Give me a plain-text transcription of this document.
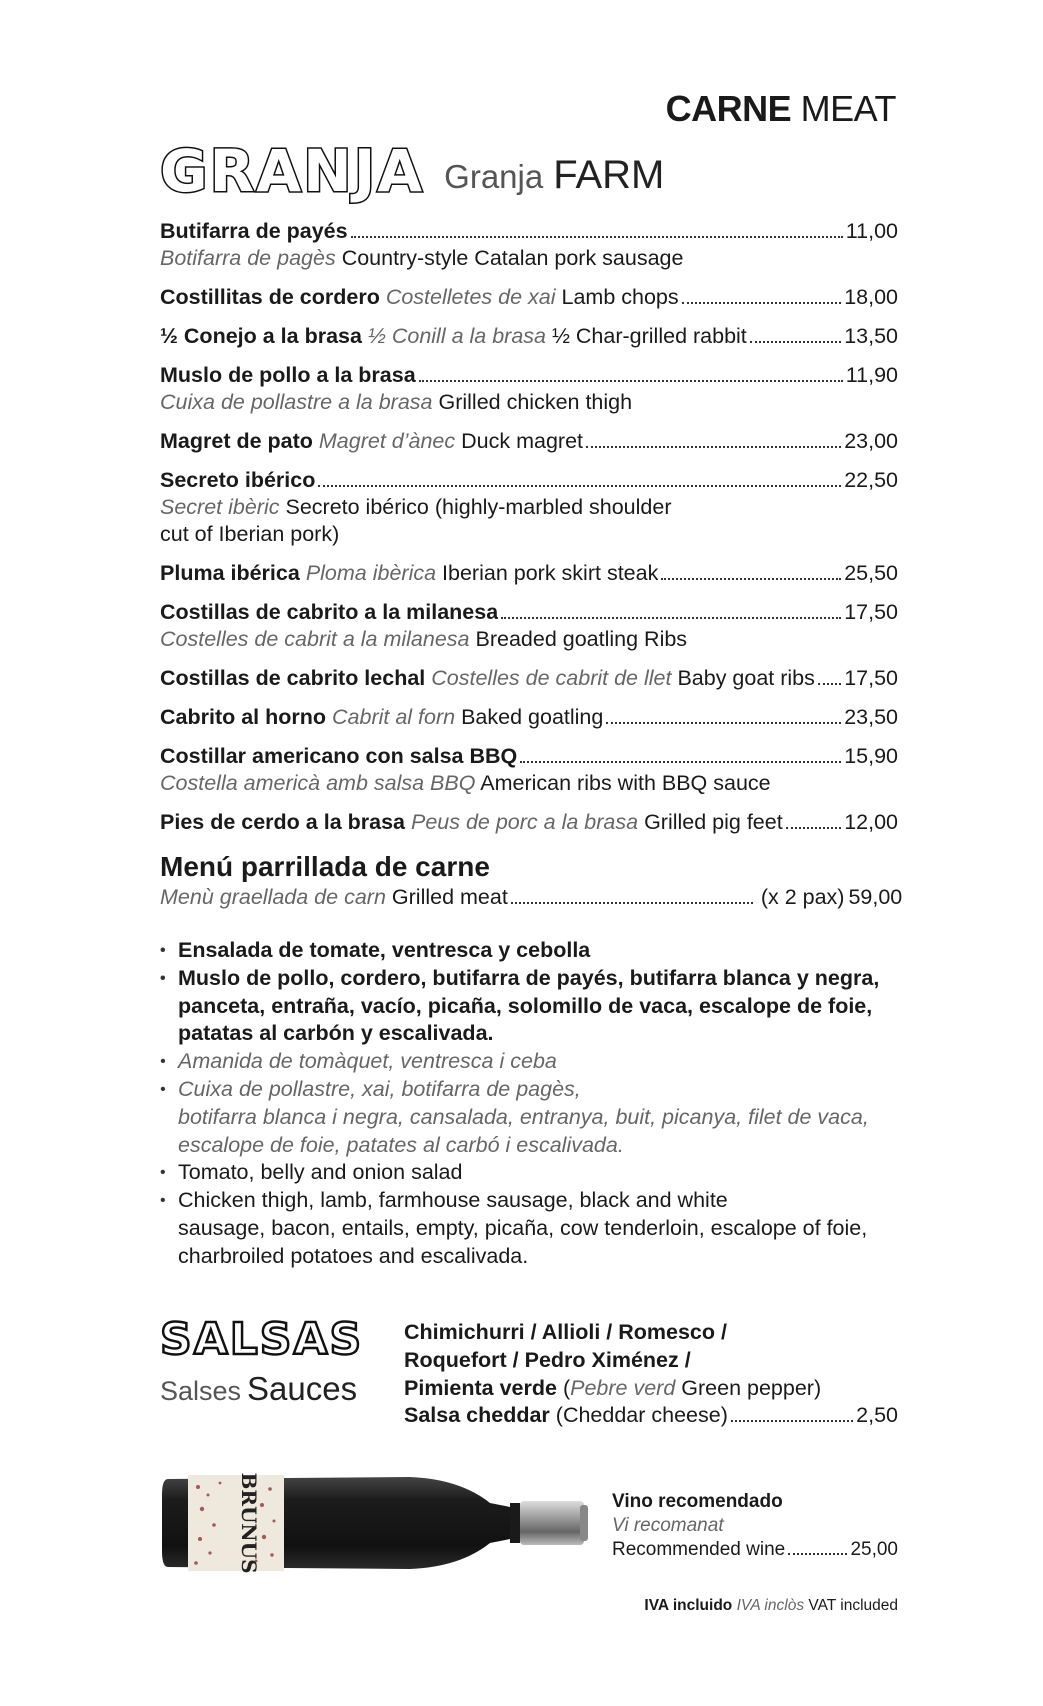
CARNE MEAT
GRANJA Granja FARM
Butifarra de payés	11,00
Botifarra de pagès Country-style Catalan pork sausage
Costillitas de cordero Costelletes de xai Lamb chops	18,00
½ Conejo a la brasa ½ Conill a la brasa ½ Char-grilled rabbit	13,50
Muslo de pollo a la brasa	11,90
Cuixa de pollastre a la brasa Grilled chicken thigh
Magret de pato Magret d’ànec Duck magret	23,00
Secreto ibérico	22,50
Secret ibèric Secreto ibérico (highly-marbled shoulder
cut of Iberian pork)
Pluma ibérica Ploma ibèrica Iberian pork skirt steak	25,50
Costillas de cabrito a la milanesa	17,50
Costelles de cabrit a la milanesa Breaded goatling Ribs
Costillas de cabrito lechal Costelles de cabrit de llet Baby goat ribs 17,50
Cabrito al horno Cabrit al forn Baked goatling	23,50
Costillar americano con salsa BBQ	15,90
Costella americà amb salsa BBQ American ribs with BBQ sauce
Pies de cerdo a la brasa Peus de porc a la brasa Grilled pig feet	12,00
Menú parrillada de carne
Menù graellada de carn Grilled meat	(x 2 pax) 59,00
• Ensalada de tomate, ventresca y cebolla
• Muslo de pollo, cordero, butifarra de payés, butifarra blanca y negra,
panceta, entraña, vacío, picaña, solomillo de vaca, escalope de foie,
patatas al carbón y escalivada.
• Amanida de tomàquet, ventresca i ceba
• Cuixa de pollastre, xai, botifarra de pagès,
botifarra blanca i negra, cansalada, entranya, buit, picanya, filet de vaca,
escalope de foie, patates al carbó i escalivada.
• Tomato, belly and onion salad
• Chicken thigh, lamb, farmhouse sausage, black and white
sausage, bacon, entails, empty, picaña, cow tenderloin, escalope of foie,
charbroiled potatoes and escalivada.
SALSAS
Salses Sauces
Chimichurri / Allioli / Romesco /
Roquefort / Pedro Ximénez /
Pimienta verde (Pebre verd Green pepper)
Salsa cheddar (Cheddar cheese)	2,50
BRUNUS	Vino recomendado
Vi recomanat
Recommended wine	25,00
IVA incluido IVA inclòs VAT included
